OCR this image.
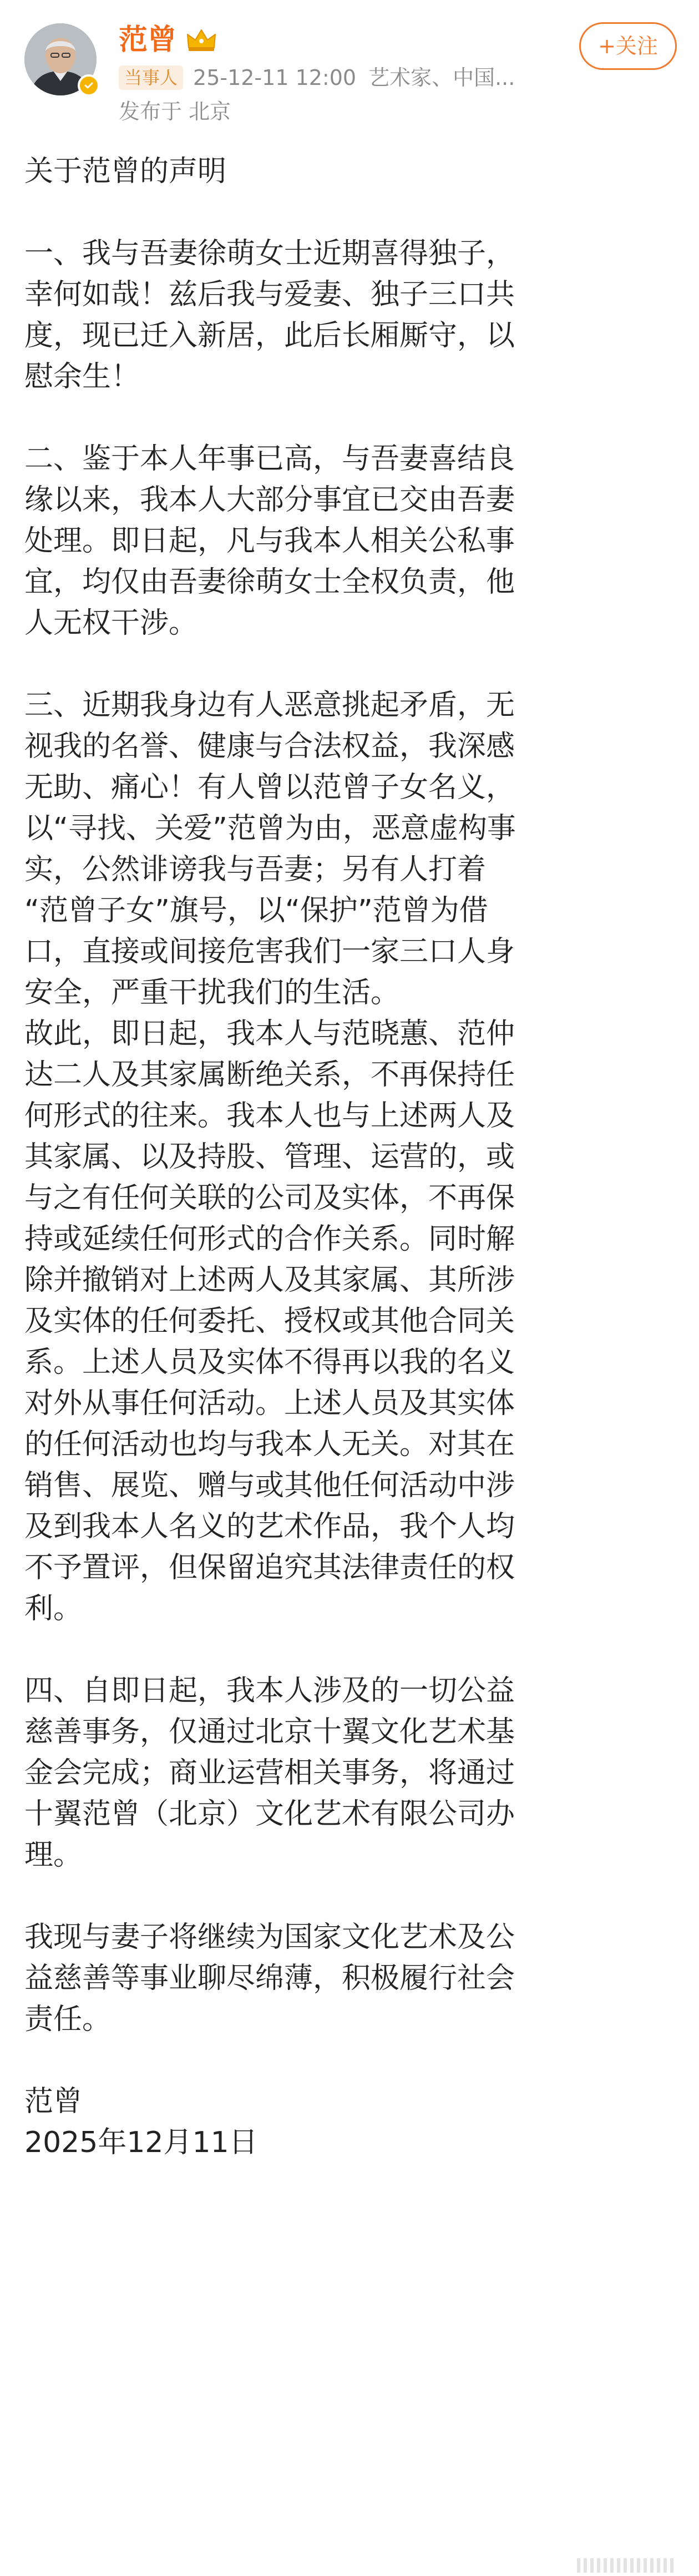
范曾
当事人 25-12-11 12:00 艺术家、中国...
发布于 北京
+关注

关于范曾的声明

一、我与吾妻徐萌女士近期喜得独子，
幸何如哉！兹后我与爱妻、独子三口共
度，现已迁入新居，此后长厢厮守，以
慰余生！

二、鉴于本人年事已高，与吾妻喜结良
缘以来，我本人大部分事宜已交由吾妻
处理。即日起，凡与我本人相关公私事
宜，均仅由吾妻徐萌女士全权负责，他
人无权干涉。

三、近期我身边有人恶意挑起矛盾，无
视我的名誉、健康与合法权益，我深感
无助、痛心！有人曾以范曾子女名义，
以“寻找、关爱”范曾为由，恶意虚构事
实，公然诽谤我与吾妻；另有人打着
“范曾子女”旗号，以“保护”范曾为借
口，直接或间接危害我们一家三口人身
安全，严重干扰我们的生活。

故此，即日起，我本人与范晓蕙、范仲
达二人及其家属断绝关系，不再保持任
何形式的往来。我本人也与上述两人及
其家属、以及持股、管理、运营的，或
与之有任何关联的公司及实体，不再保
持或延续任何形式的合作关系。同时解
除并撤销对上述两人及其家属、其所涉
及实体的任何委托、授权或其他合同关
系。上述人员及实体不得再以我的名义
对外从事任何活动。上述人员及其实体
的任何活动也均与我本人无关。对其在
销售、展览、赠与或其他任何活动中涉
及到我本人名义的艺术作品，我个人均
不予置评，但保留追究其法律责任的权
利。

四、自即日起，我本人涉及的一切公益
慈善事务，仅通过北京十翼文化艺术基
金会完成；商业运营相关事务，将通过
十翼范曾（北京）文化艺术有限公司办
理。

我现与妻子将继续为国家文化艺术及公
益慈善等事业聊尽绵薄，积极履行社会
责任。

范曾

2025年12月11日
